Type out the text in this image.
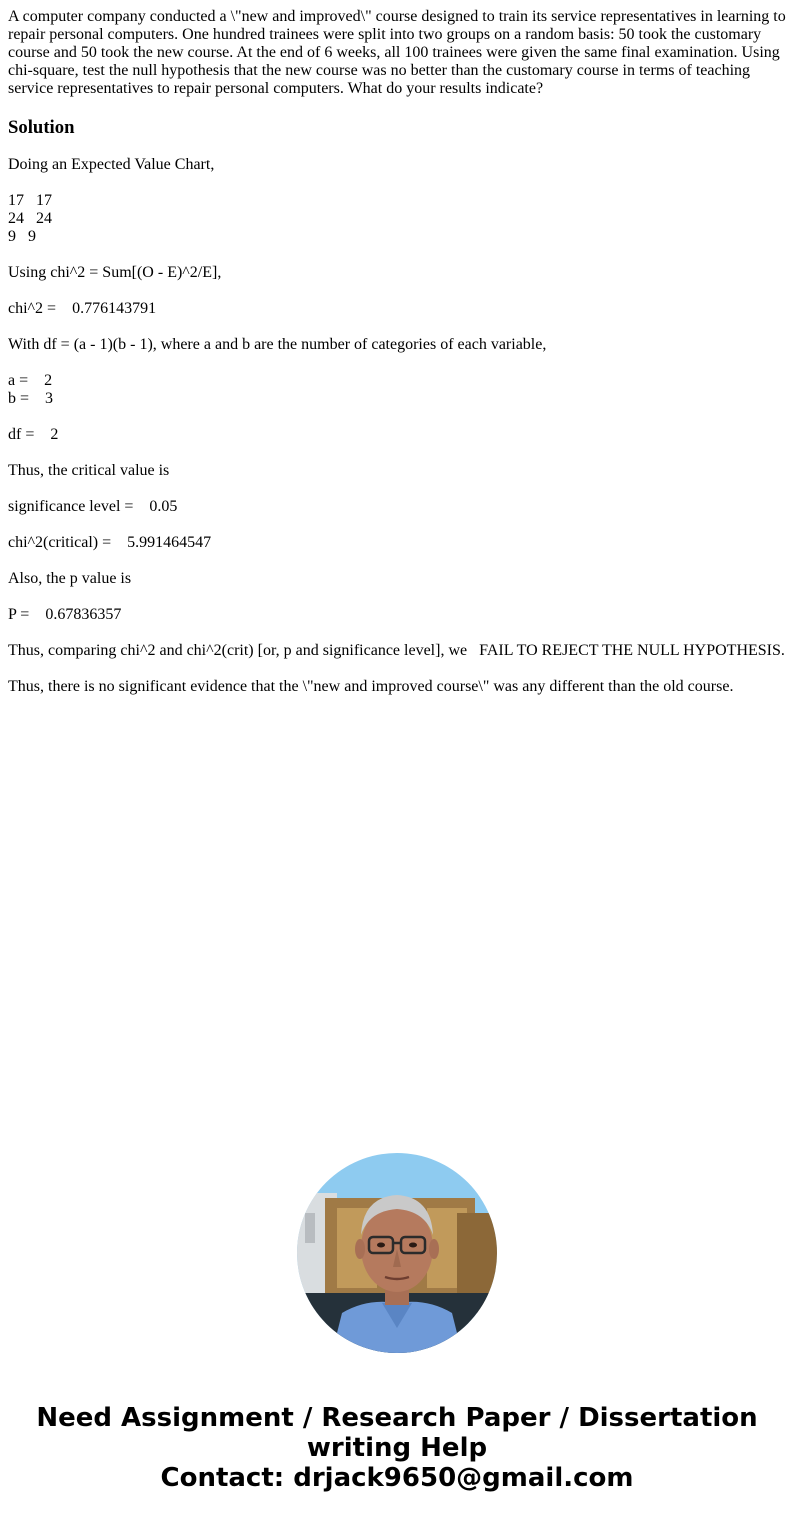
A computer company conducted a \"new and improved\" course designed to train its service representatives in learning to repair personal computers. One hundred trainees were split into two groups on a random basis: 50 took the customary course and 50 took the new course. At the end of 6 weeks, all 100 trainees were given the same final examination. Using chi-square, test the null hypothesis that the new course was no better than the customary course in terms of teaching service representatives to repair personal computers. What do your results indicate?

Solution

Doing an Expected Value Chart,

17   17
24   24
9   9

Using chi^2 = Sum[(O - E)^2/E],

chi^2 =    0.776143791

With df = (a - 1)(b - 1), where a and b are the number of categories of each variable,

a =    2
b =    3

df =    2

Thus, the critical value is

significance level =    0.05

chi^2(critical) =    5.991464547

Also, the p value is

P =    0.67836357

Thus, comparing chi^2 and chi^2(crit) [or, p and significance level], we   FAIL TO REJECT THE NULL HYPOTHESIS.

Thus, there is no significant evidence that the \"new and improved course\" was any different than the old course.

Need Assignment / Research Paper / Dissertation
writing Help
Contact: drjack9650@gmail.com
